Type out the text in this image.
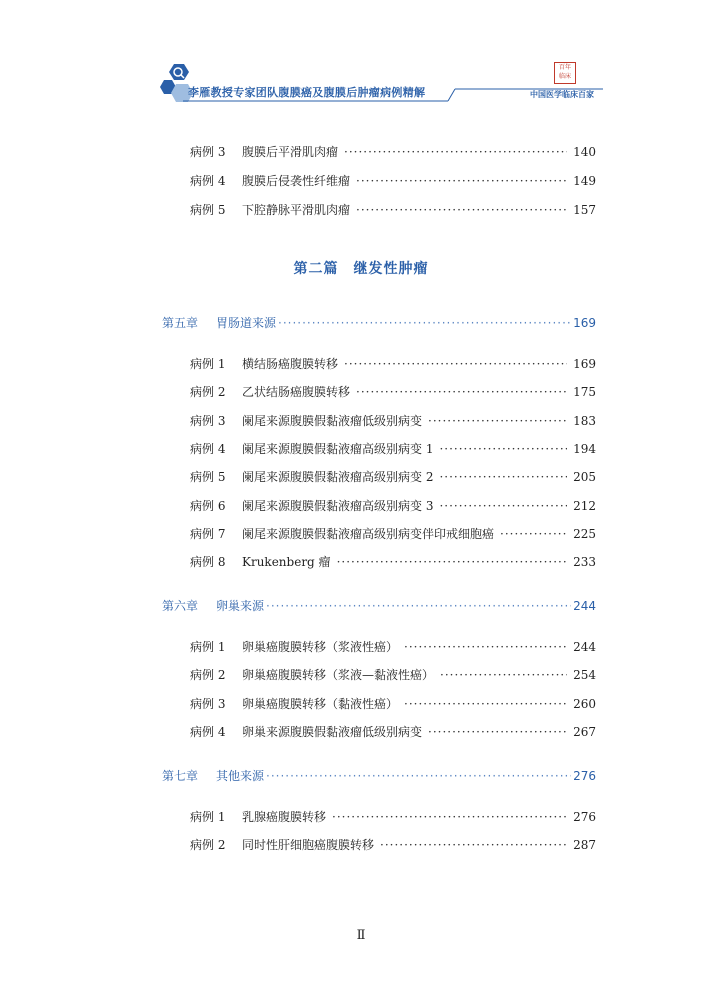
李雁教授专家团队腹膜癌及腹膜后肿瘤病例精解
百年
临床
中国医学临床百家
第二篇　继发性肿瘤
Ⅱ
病例 3	腹膜后平滑肌肉瘤 ·····	140
病例 4	腹膜后侵袭性纤维瘤 ·····	149
病例 5	下腔静脉平滑肌肉瘤 ·····	157
第五章	胃肠道来源 ·····	169
病例 1	横结肠癌腹膜转移 ·····	169
病例 2	乙状结肠癌腹膜转移 ·····	175
病例 3	阑尾来源腹膜假黏液瘤低级别病变 ·····	183
病例 4	阑尾来源腹膜假黏液瘤高级别病变 1 ·····	194
病例 5	阑尾来源腹膜假黏液瘤高级别病变 2 ·····	205
病例 6	阑尾来源腹膜假黏液瘤高级别病变 3 ·····	212
病例 7	阑尾来源腹膜假黏液瘤高级别病变伴印戒细胞癌 ·····	225
病例 8	Krukenberg 瘤 ·····	233
第六章	卵巢来源 ·····	244
病例 1	卵巢癌腹膜转移（浆液性癌） ·····	244
病例 2	卵巢癌腹膜转移（浆液—黏液性癌） ·····	254
病例 3	卵巢癌腹膜转移（黏液性癌） ·····	260
病例 4	卵巢来源腹膜假黏液瘤低级别病变 ·····	267
第七章	其他来源 ·····	276
病例 1	乳腺癌腹膜转移 ·····	276
病例 2	同时性肝细胞癌腹膜转移 ·····	287
